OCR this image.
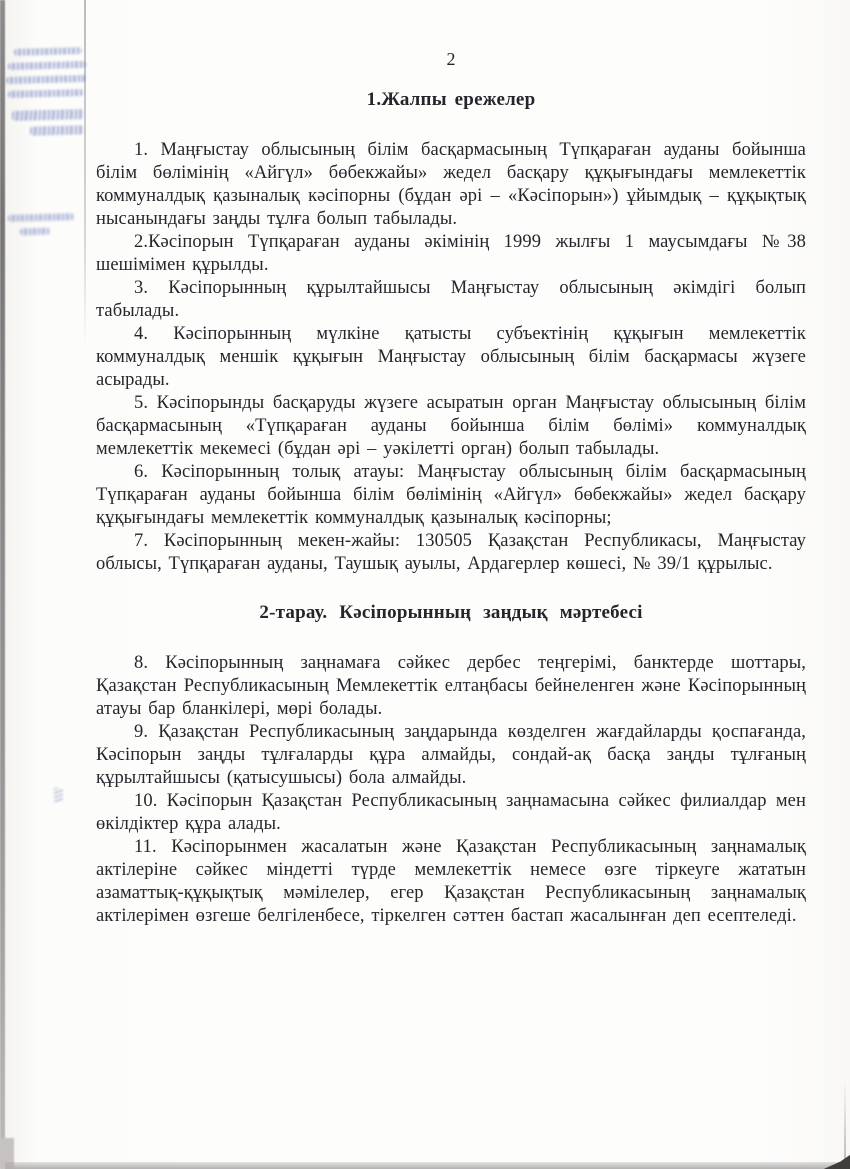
2
1.Жалпы ережелер

1. Маңғыстау облысының білім басқармасының Түпқараған ауданы бойынша білім бөлімінің «Айгүл» бөбекжайы» жедел басқару құқығындағы мемлекеттік коммуналдық қазыналық кәсіпорны (бұдан әрі – «Кәсіпорын») ұйымдық – құқықтық нысанындағы заңды тұлға болып табылады.

2.Кәсіпорын Түпқараған ауданы әкімінің 1999 жылғы 1 маусымдағы №38 шешімімен құрылды.

3. Кәсіпорынның құрылтайшысы Маңғыстау облысының әкімдігі болып табылады.

4. Кәсіпорынның мүлкіне қатысты субъектінің құқығын мемлекеттік коммуналдық меншік құқығын Маңғыстау облысының білім басқармасы жүзеге асырады.

5. Кәсіпорынды басқаруды жүзеге асыратын орган Маңғыстау облысының білім басқармасының «Түпқараған ауданы бойынша білім бөлімі» коммуналдық мемлекеттік мекемесі (бұдан әрі – уәкілетті орган) болып табылады.

6. Кәсіпорынның толық атауы: Маңғыстау облысының білім басқармасының Түпқараған ауданы бойынша білім бөлімінің «Айгүл» бөбекжайы» жедел басқару құқығындағы мемлекеттік коммуналдық қазыналық кәсіпорны;

7. Кәсіпорынның мекен-жайы: 130505 Қазақстан Республикасы, Маңғыстау облысы, Түпқараған ауданы, Таушық ауылы, Ардагерлер көшесі, № 39/1 құрылыс.

2-тарау. Кәсіпорынның заңдық мәртебесі

8. Кәсіпорынның заңнамаға сәйкес дербес теңгерімі, банктерде шоттары, Қазақстан Республикасының Мемлекеттік елтаңбасы бейнеленген және Кәсіпорынның атауы бар бланкілері, мөрі болады.

9. Қазақстан Республикасының заңдарында көзделген жағдайларды қоспағанда, Кәсіпорын заңды тұлғаларды құра алмайды, сондай-ақ басқа заңды тұлғаның құрылтайшысы (қатысушысы) бола алмайды.

10. Кәсіпорын Қазақстан Республикасының заңнамасына сәйкес филиалдар мен өкілдіктер құра алады.

11. Кәсіпорынмен жасалатын және Қазақстан Республикасының заңнамалық актілеріне сәйкес міндетті түрде мемлекеттік немесе өзге тіркеуге жататын азаматтық-құқықтық мәмілелер, егер Қазақстан Республикасының заңнамалық актілерімен өзгеше белгіленбесе, тіркелген сәттен бастап жасалынған деп есептеледі.
